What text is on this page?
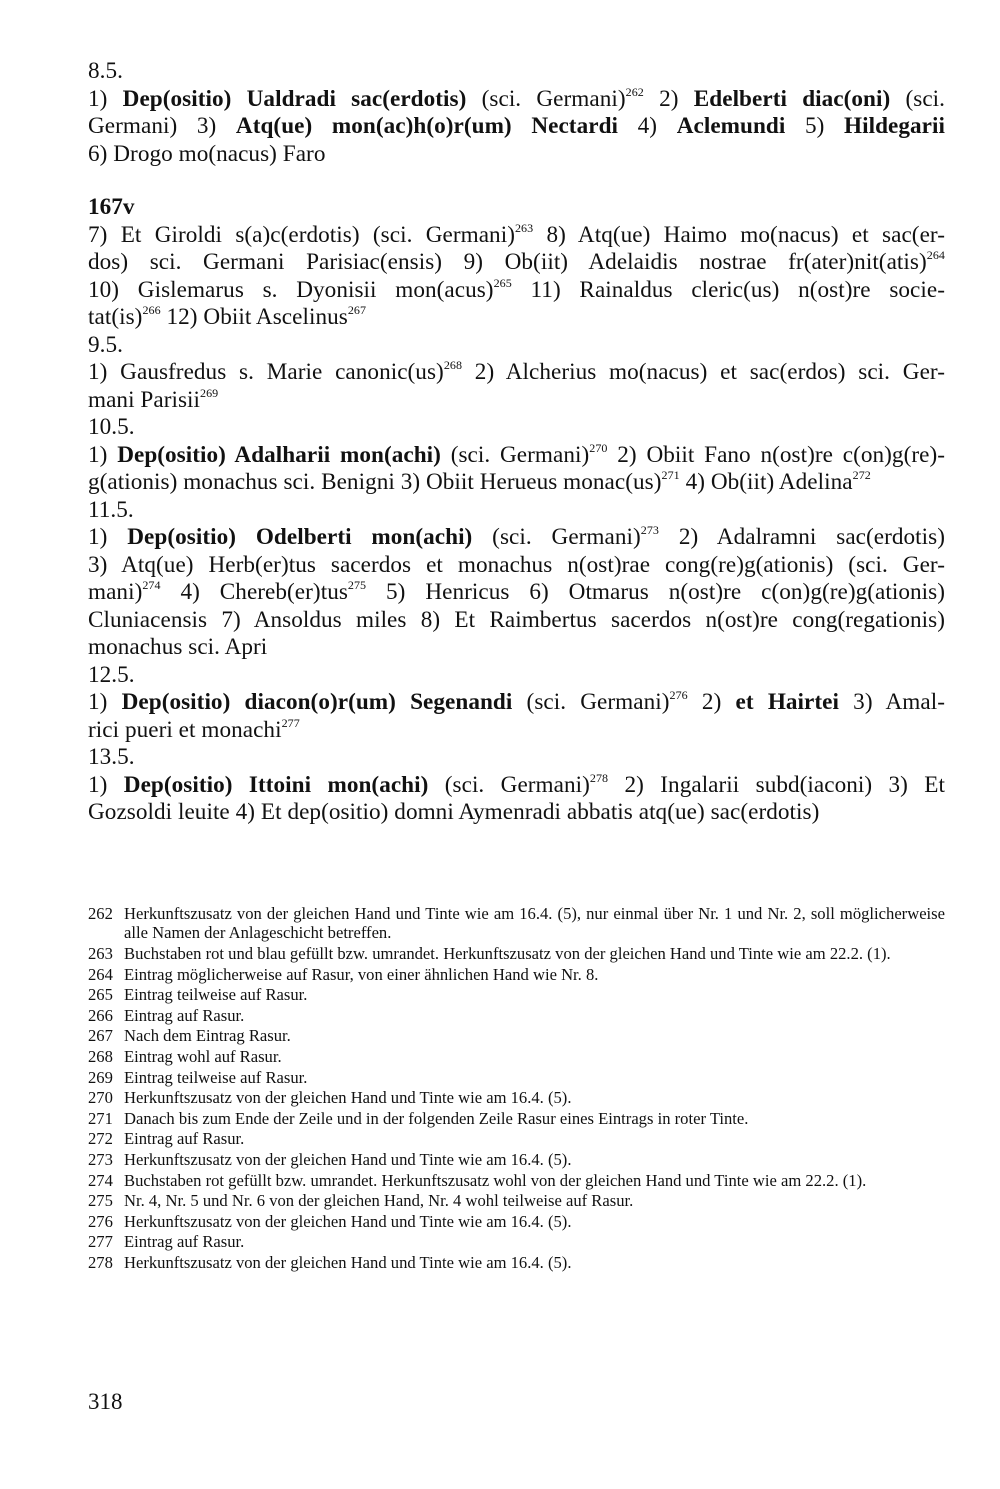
8.5.
1) Dep(ositio) Ualdradi sac(erdotis) (sci. Germani)$^{262}$ 2) Edelberti diac(oni) (sci.
Germani) 3) Atq(ue) mon(ac)h(o)r(um) Nectardi 4) Aclemundi 5) Hildegarii
6) Drogo mo(nacus) Faro
167v
7) Et Giroldi s(a)c(erdotis) (sci. Germani)$^{263}$ 8) Atq(ue) Haimo mo(nacus) et sac(er-
dos) sci. Germani Parisiac(ensis) 9) Ob(iit) Adelaidis nostrae fr(ater)nit(atis)$^{264}$
10) Gislemarus s. Dyonisii mon(acus)$^{265}$ 11) Rainaldus cleric(us) n(ost)re socie-
tat(is)$^{266}$ 12) Obiit Ascelinus$^{267}$
9.5.
1) Gausfredus s. Marie canonic(us)$^{268}$ 2) Alcherius mo(nacus) et sac(erdos) sci. Ger-
mani Parisii$^{269}$
10.5.
1) Dep(ositio) Adalharii mon(achi) (sci. Germani)$^{270}$ 2) Obiit Fano n(ost)re c(on)g(re)-
g(ationis) monachus sci. Benigni 3) Obiit Herueus monac(us)$^{271}$ 4) Ob(iit) Adelina$^{272}$
11.5.
1) Dep(ositio) Odelberti mon(achi) (sci. Germani)$^{273}$ 2) Adalramni sac(erdotis)
3) Atq(ue) Herb(er)tus sacerdos et monachus n(ost)rae cong(re)g(ationis) (sci. Ger-
mani)$^{274}$ 4) Chereb(er)tus$^{275}$ 5) Henricus 6) Otmarus n(ost)re c(on)g(re)g(ationis)
Cluniacensis 7) Ansoldus miles 8) Et Raimbertus sacerdos n(ost)re cong(regationis)
monachus sci. Apri
12.5.
1) Dep(ositio) diacon(o)r(um) Segenandi (sci. Germani)$^{276}$ 2) et Hairtei 3) Amal-
rici pueri et monachi$^{277}$
13.5.
1) Dep(ositio) Ittoini mon(achi) (sci. Germani)$^{278}$ 2) Ingalarii subd(iaconi) 3) Et
Gozsoldi leuite 4) Et dep(ositio) domni Aymenradi abbatis atq(ue) sac(erdotis)
262 Herkunftszusatz von der gleichen Hand und Tinte wie am 16.4. (5), nur einmal über Nr. 1 und Nr. 2, soll möglicherweise alle Namen der Anlageschicht betreffen.
263 Buchstaben rot und blau gefüllt bzw. umrandet. Herkunftszusatz von der gleichen Hand und Tinte wie am 22.2. (1).
264 Eintrag möglicherweise auf Rasur, von einer ähnlichen Hand wie Nr. 8.
265 Eintrag teilweise auf Rasur.
266 Eintrag auf Rasur.
267 Nach dem Eintrag Rasur.
268 Eintrag wohl auf Rasur.
269 Eintrag teilweise auf Rasur.
270 Herkunftszusatz von der gleichen Hand und Tinte wie am 16.4. (5).
271 Danach bis zum Ende der Zeile und in der folgenden Zeile Rasur eines Eintrags in roter Tinte.
272 Eintrag auf Rasur.
273 Herkunftszusatz von der gleichen Hand und Tinte wie am 16.4. (5).
274 Buchstaben rot gefüllt bzw. umrandet. Herkunftszusatz wohl von der gleichen Hand und Tinte wie am 22.2. (1).
275 Nr. 4, Nr. 5 und Nr. 6 von der gleichen Hand, Nr. 4 wohl teilweise auf Rasur.
276 Herkunftszusatz von der gleichen Hand und Tinte wie am 16.4. (5).
277 Eintrag auf Rasur.
278 Herkunftszusatz von der gleichen Hand und Tinte wie am 16.4. (5).
318
